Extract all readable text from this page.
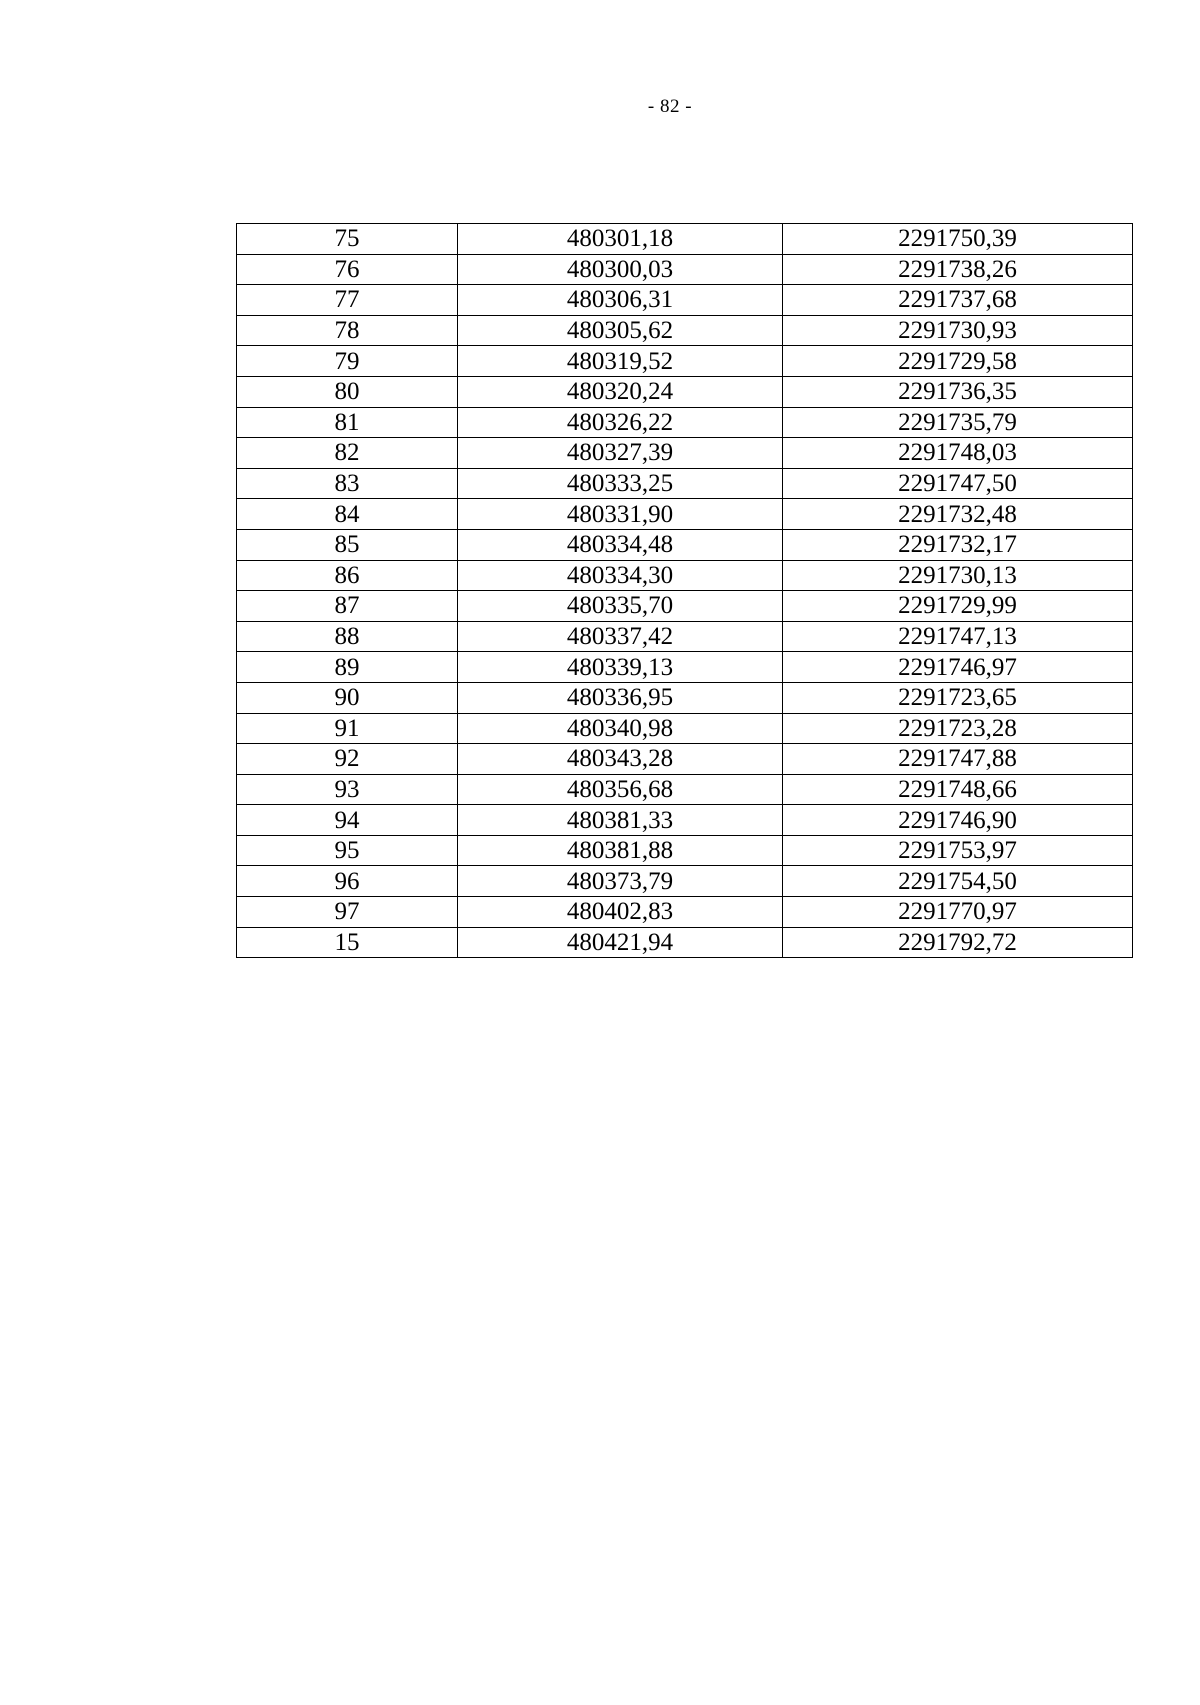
- 82 -
75	480301,18	2291750,39
76	480300,03	2291738,26
77	480306,31	2291737,68
78	480305,62	2291730,93
79	480319,52	2291729,58
80	480320,24	2291736,35
81	480326,22	2291735,79
82	480327,39	2291748,03
83	480333,25	2291747,50
84	480331,90	2291732,48
85	480334,48	2291732,17
86	480334,30	2291730,13
87	480335,70	2291729,99
88	480337,42	2291747,13
89	480339,13	2291746,97
90	480336,95	2291723,65
91	480340,98	2291723,28
92	480343,28	2291747,88
93	480356,68	2291748,66
94	480381,33	2291746,90
95	480381,88	2291753,97
96	480373,79	2291754,50
97	480402,83	2291770,97
15	480421,94	2291792,72
